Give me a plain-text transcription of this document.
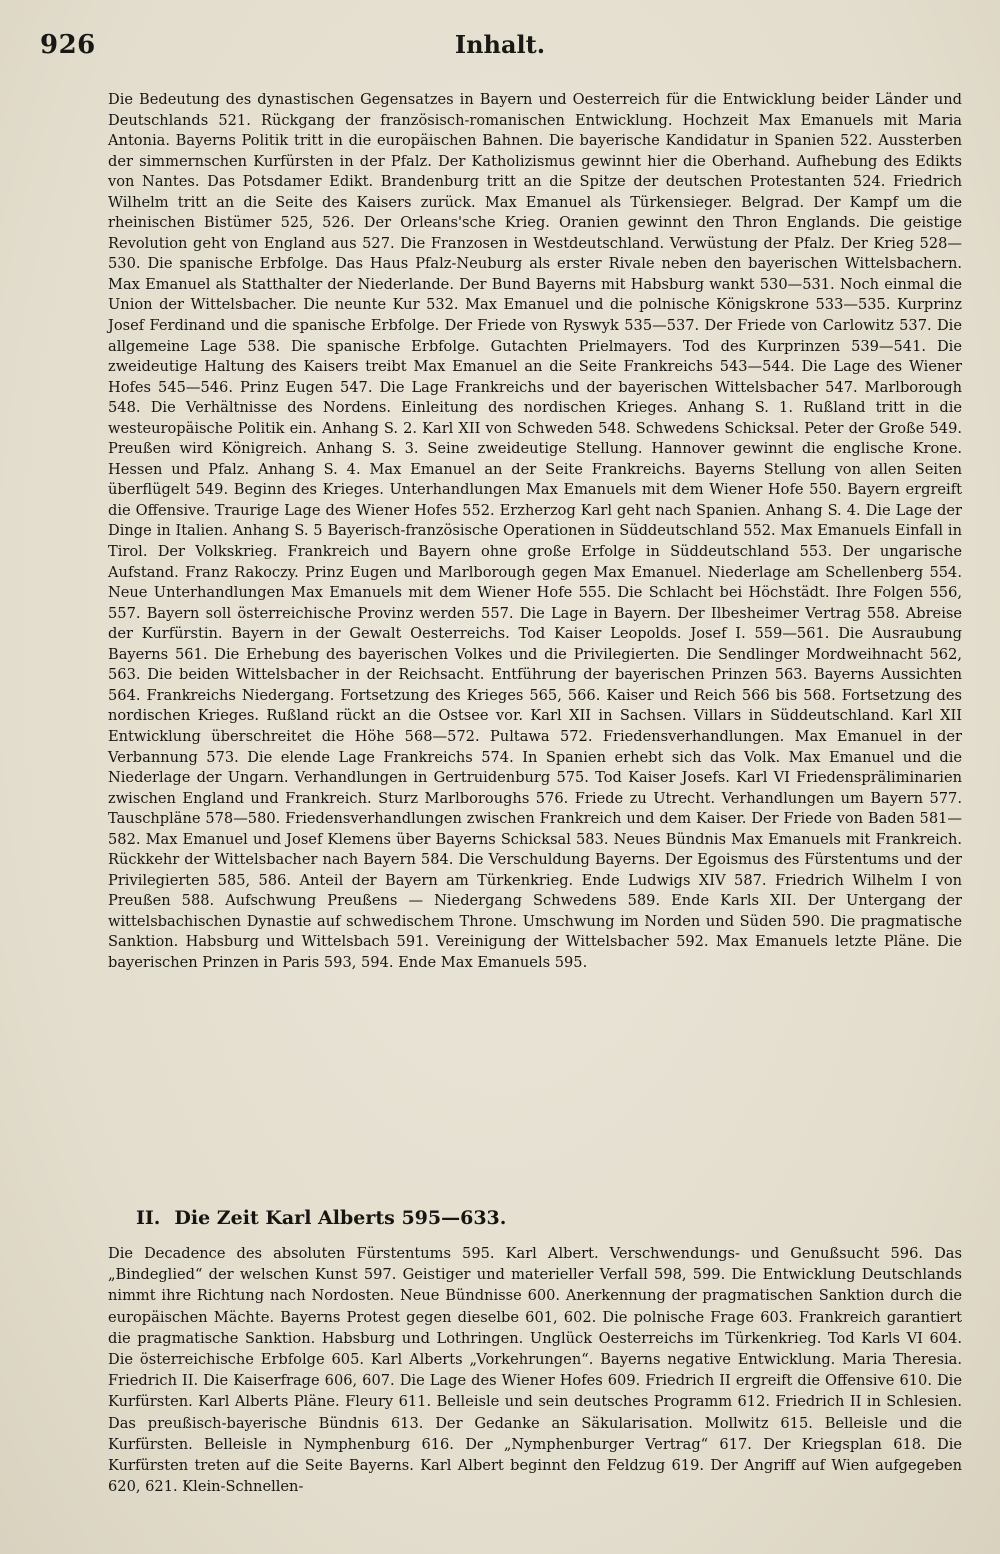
926	Inhalt.

Die Bedeutung des dynastischen Gegensatzes in Bayern und Oesterreich für die Entwicklung beider Länder und Deutschlands 521. Rückgang der französisch-romanischen Entwicklung. Hochzeit Max Emanuels mit Maria Antonia. Bayerns Politik tritt in die europäischen Bahnen. Die bayerische Kandidatur in Spanien 522. Aussterben der simmernschen Kurfürsten in der Pfalz. Der Katholizismus gewinnt hier die Oberhand. Aufhebung des Edikts von Nantes. Das Potsdamer Edikt. Brandenburg tritt an die Spitze der deutschen Protestanten 524. Friedrich Wilhelm tritt an die Seite des Kaisers zurück. Max Emanuel als Türkensieger. Belgrad. Der Kampf um die rheinischen Bistümer 525, 526. Der Orleans'sche Krieg. Oranien gewinnt den Thron Englands. Die geistige Revolution geht von England aus 527. Die Franzosen in Westdeutschland. Verwüstung der Pfalz. Der Krieg 528—530. Die spanische Erbfolge. Das Haus Pfalz-Neuburg als erster Rivale neben den bayerischen Wittelsbachern. Max Emanuel als Statthalter der Niederlande. Der Bund Bayerns mit Habsburg wankt 530—531. Noch einmal die Union der Wittelsbacher. Die neunte Kur 532. Max Emanuel und die polnische Königskrone 533—535. Kurprinz Josef Ferdinand und die spanische Erbfolge. Der Friede von Ryswyk 535—537. Der Friede von Carlowitz 537. Die allgemeine Lage 538. Die spanische Erbfolge. Gutachten Prielmayers. Tod des Kurprinzen 539—541. Die zweideutige Haltung des Kaisers treibt Max Emanuel an die Seite Frankreichs 543—544. Die Lage des Wiener Hofes 545—546. Prinz Eugen 547. Die Lage Frankreichs und der bayerischen Wittelsbacher 547. Marlborough 548. Die Verhältnisse des Nordens. Einleitung des nordischen Krieges. Anhang S. 1. Rußland tritt in die westeuropäische Politik ein. Anhang S. 2. Karl XII von Schweden 548. Schwedens Schicksal. Peter der Große 549. Preußen wird Königreich. Anhang S. 3. Seine zweideutige Stellung. Hannover gewinnt die englische Krone. Hessen und Pfalz. Anhang S. 4. Max Emanuel an der Seite Frankreichs. Bayerns Stellung von allen Seiten überflügelt 549. Beginn des Krieges. Unterhandlungen Max Emanuels mit dem Wiener Hofe 550. Bayern ergreift die Offensive. Traurige Lage des Wiener Hofes 552. Erzherzog Karl geht nach Spanien. Anhang S. 4. Die Lage der Dinge in Italien. Anhang S. 5 Bayerisch-französische Operationen in Süddeutschland 552. Max Emanuels Einfall in Tirol. Der Volkskrieg. Frankreich und Bayern ohne große Erfolge in Süddeutschland 553. Der ungarische Aufstand. Franz Rakoczy. Prinz Eugen und Marlborough gegen Max Emanuel. Niederlage am Schellenberg 554. Neue Unterhandlungen Max Emanuels mit dem Wiener Hofe 555. Die Schlacht bei Höchstädt. Ihre Folgen 556, 557. Bayern soll österreichische Provinz werden 557. Die Lage in Bayern. Der Ilbesheimer Vertrag 558. Abreise der Kurfürstin. Bayern in der Gewalt Oesterreichs. Tod Kaiser Leopolds. Josef I. 559—561. Die Ausraubung Bayerns 561. Die Erhebung des bayerischen Volkes und die Privilegierten. Die Sendlinger Mordweihnacht 562, 563. Die beiden Wittelsbacher in der Reichsacht. Entführung der bayerischen Prinzen 563. Bayerns Aussichten 564. Frankreichs Niedergang. Fortsetzung des Krieges 565, 566. Kaiser und Reich 566 bis 568. Fortsetzung des nordischen Krieges. Rußland rückt an die Ostsee vor. Karl XII in Sachsen. Villars in Süddeutschland. Karl XII Entwicklung überschreitet die Höhe 568—572. Pultawa 572. Friedensverhandlungen. Max Emanuel in der Verbannung 573. Die elende Lage Frankreichs 574. In Spanien erhebt sich das Volk. Max Emanuel und die Niederlage der Ungarn. Verhandlungen in Gertruidenburg 575. Tod Kaiser Josefs. Karl VI Friedenspräliminarien zwischen England und Frankreich. Sturz Marlboroughs 576. Friede zu Utrecht. Verhandlungen um Bayern 577. Tauschpläne 578—580. Friedensverhandlungen zwischen Frankreich und dem Kaiser. Der Friede von Baden 581—582. Max Emanuel und Josef Klemens über Bayerns Schicksal 583. Neues Bündnis Max Emanuels mit Frankreich. Rückkehr der Wittelsbacher nach Bayern 584. Die Verschuldung Bayerns. Der Egoismus des Fürstentums und der Privilegierten 585, 586. Anteil der Bayern am Türkenkrieg. Ende Ludwigs XIV 587. Friedrich Wilhelm I von Preußen 588. Aufschwung Preußens — Niedergang Schwedens 589. Ende Karls XII. Der Untergang der wittelsbachischen Dynastie auf schwedischem Throne. Umschwung im Norden und Süden 590. Die pragmatische Sanktion. Habsburg und Wittelsbach 591. Vereinigung der Wittelsbacher 592. Max Emanuels letzte Pläne. Die bayerischen Prinzen in Paris 593, 594. Ende Max Emanuels 595.

II. Die Zeit Karl Alberts 595—633.

Die Decadence des absoluten Fürstentums 595. Karl Albert. Verschwendungs- und Genußsucht 596. Das „Bindeglied“ der welschen Kunst 597. Geistiger und materieller Verfall 598, 599. Die Entwicklung Deutschlands nimmt ihre Richtung nach Nordosten. Neue Bündnisse 600. Anerkennung der pragmatischen Sanktion durch die europäischen Mächte. Bayerns Protest gegen dieselbe 601, 602. Die polnische Frage 603. Frankreich garantiert die pragmatische Sanktion. Habsburg und Lothringen. Unglück Oesterreichs im Türkenkrieg. Tod Karls VI 604. Die österreichische Erbfolge 605. Karl Alberts „Vorkehrungen“. Bayerns negative Entwicklung. Maria Theresia. Friedrich II. Die Kaiserfrage 606, 607. Die Lage des Wiener Hofes 609. Friedrich II ergreift die Offensive 610. Die Kurfürsten. Karl Alberts Pläne. Fleury 611. Belleisle und sein deutsches Programm 612. Friedrich II in Schlesien. Das preußisch-bayerische Bündnis 613. Der Gedanke an Säkularisation. Mollwitz 615. Belleisle und die Kurfürsten. Belleisle in Nymphenburg 616. Der „Nymphenburger Vertrag“ 617. Der Kriegsplan 618. Die Kurfürsten treten auf die Seite Bayerns. Karl Albert beginnt den Feldzug 619. Der Angriff auf Wien aufgegeben 620, 621. Klein-Schnellen-
